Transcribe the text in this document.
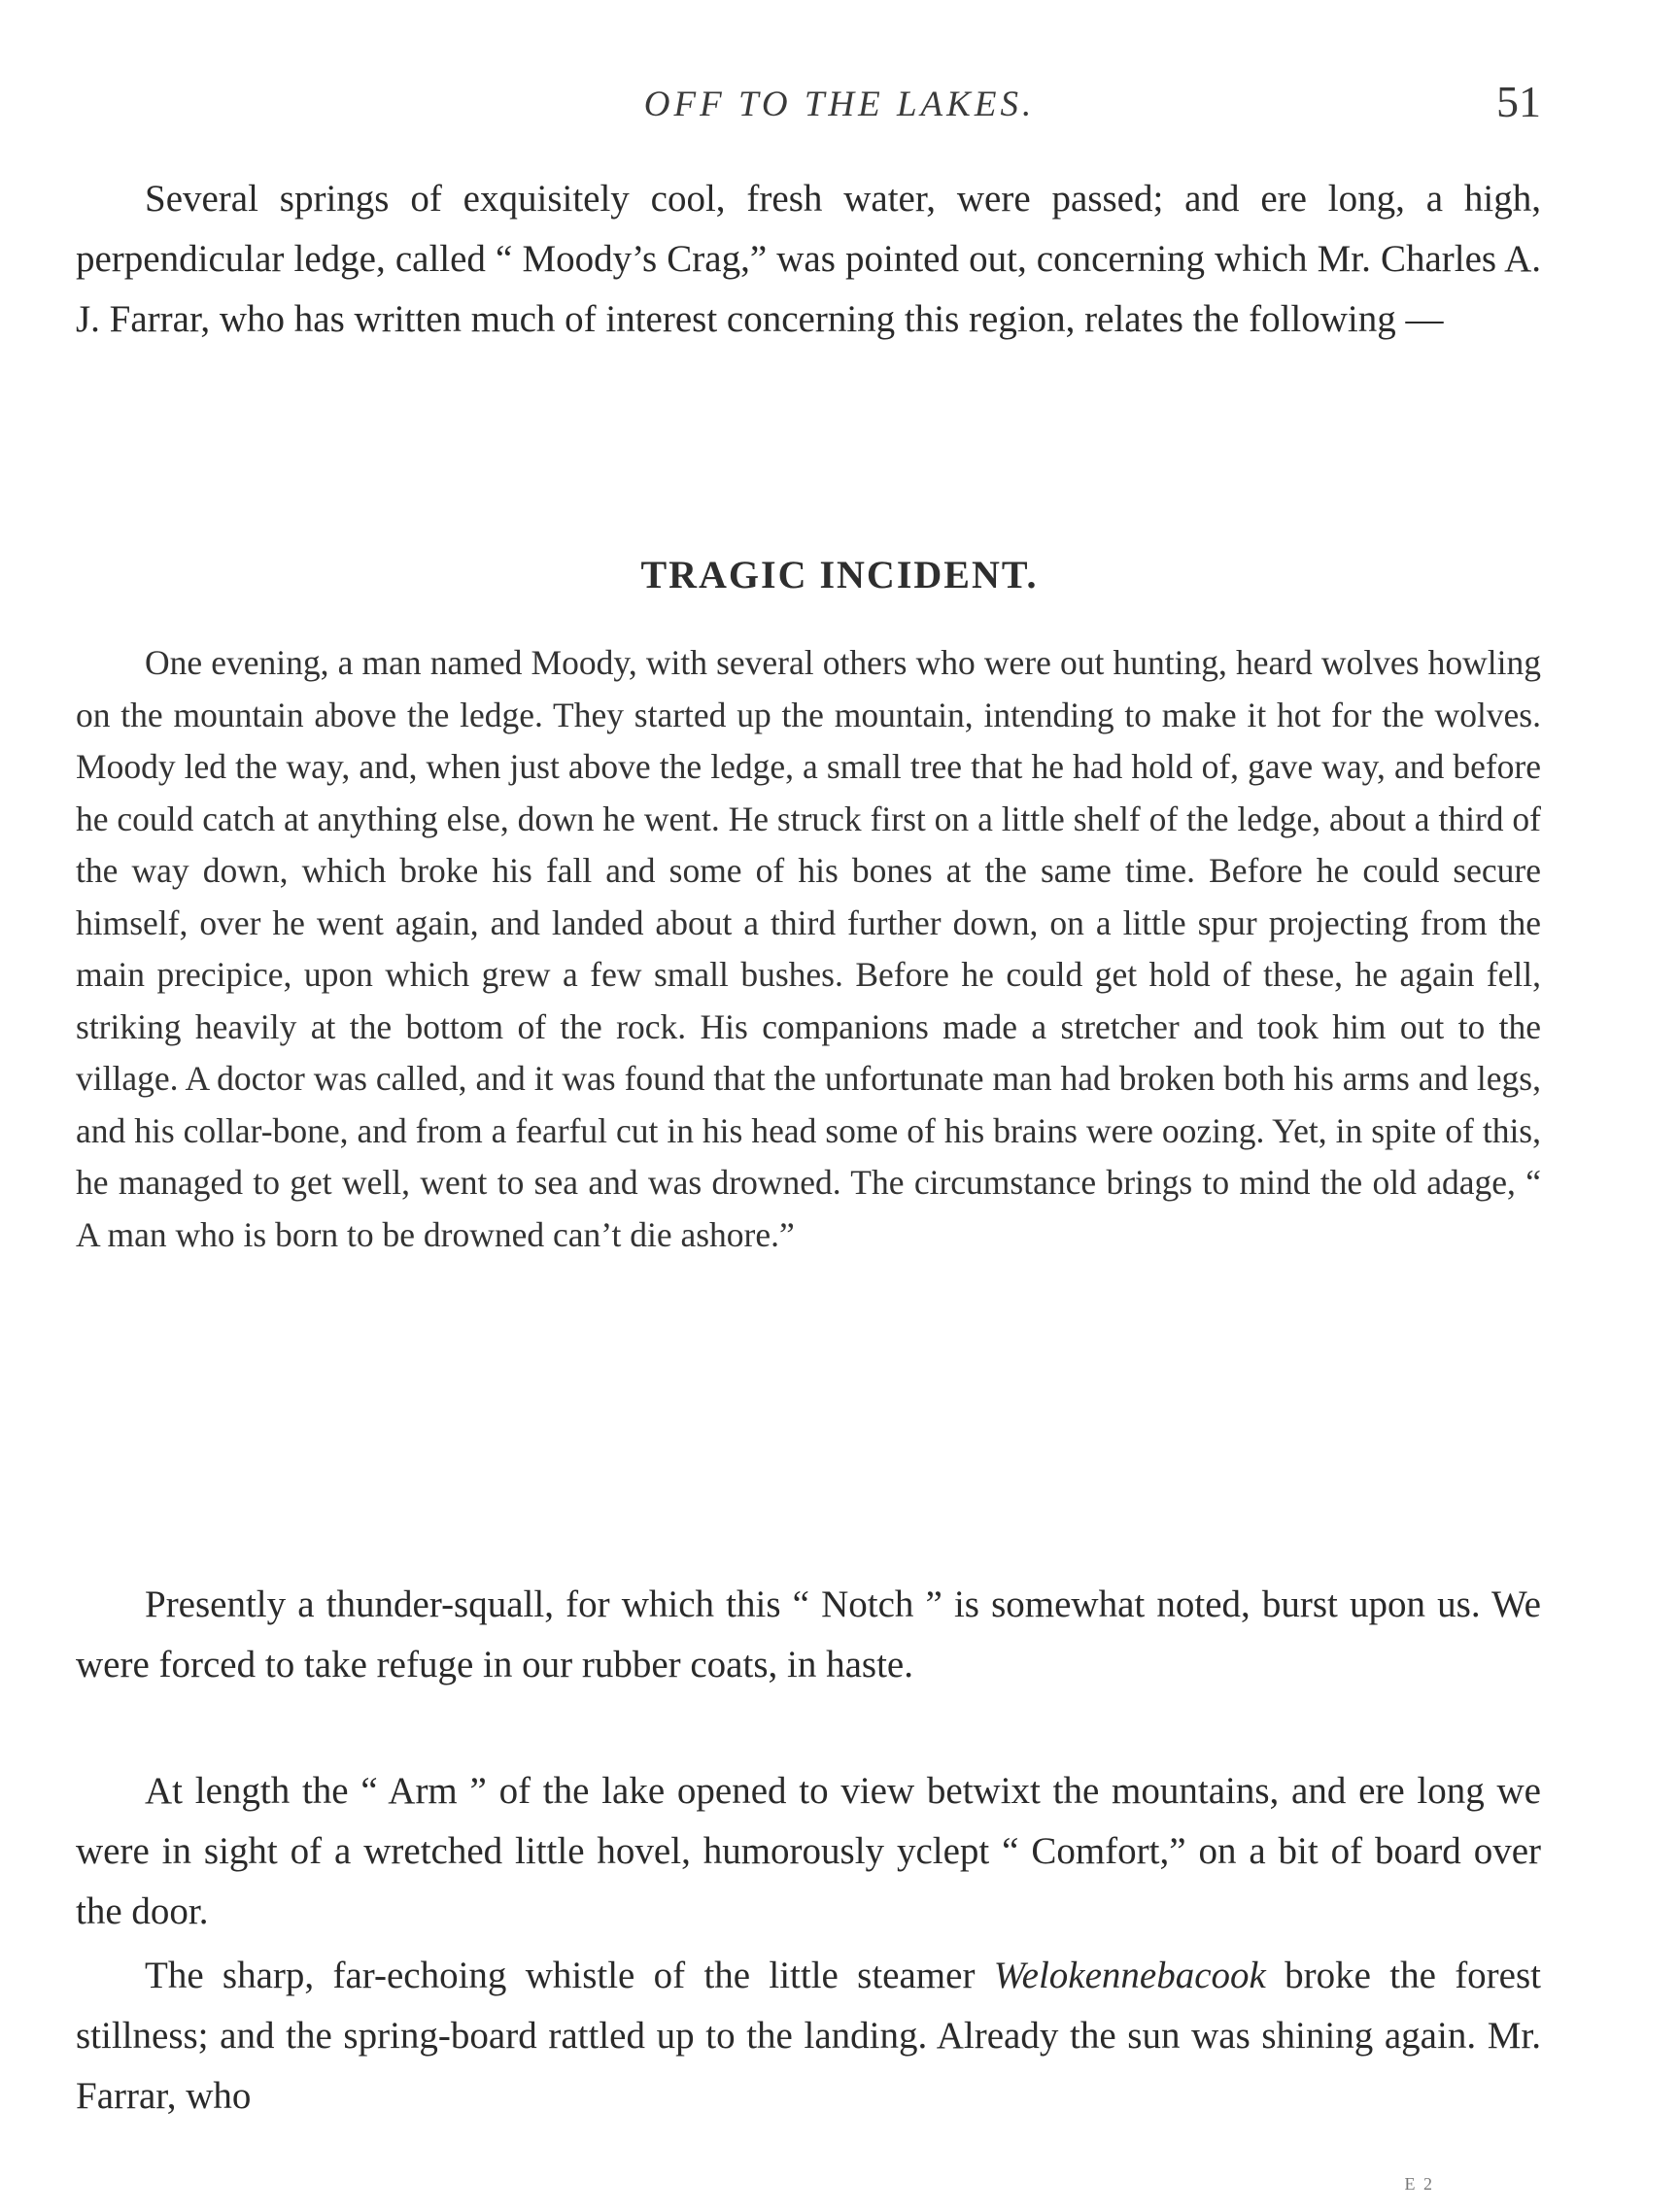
OFF TO THE LAKES.	51

Several springs of exquisitely cool, fresh water, were passed; and ere long, a high, perpendicular ledge, called “ Moody’s Crag,” was pointed out, concerning which Mr. Charles A. J. Farrar, who has written much of interest concerning this region, relates the following —

TRAGIC INCIDENT.

One evening, a man named Moody, with several others who were out hunting, heard wolves howling on the mountain above the ledge. They started up the mountain, intending to make it hot for the wolves. Moody led the way, and, when just above the ledge, a small tree that he had hold of, gave way, and before he could catch at anything else, down he went. He struck first on a little shelf of the ledge, about a third of the way down, which broke his fall and some of his bones at the same time. Before he could secure himself, over he went again, and landed about a third further down, on a little spur projecting from the main precipice, upon which grew a few small bushes. Before he could get hold of these, he again fell, striking heavily at the bottom of the rock. His companions made a stretcher and took him out to the village. A doctor was called, and it was found that the unfortunate man had broken both his arms and legs, and his collar-bone, and from a fearful cut in his head some of his brains were oozing. Yet, in spite of this, he managed to get well, went to sea and was drowned. The circumstance brings to mind the old adage, “ A man who is born to be drowned can’t die ashore.”

Presently a thunder-squall, for which this “ Notch ” is somewhat noted, burst upon us. We were forced to take refuge in our rubber coats, in haste.

At length the “ Arm ” of the lake opened to view betwixt the mountains, and ere long we were in sight of a wretched little hovel, humorously yclept “ Comfort,” on a bit of board over the door.

The sharp, far-echoing whistle of the little steamer Welokennebacook broke the forest stillness; and the spring-board rattled up to the landing. Already the sun was shining again. Mr. Farrar, who

E 2
